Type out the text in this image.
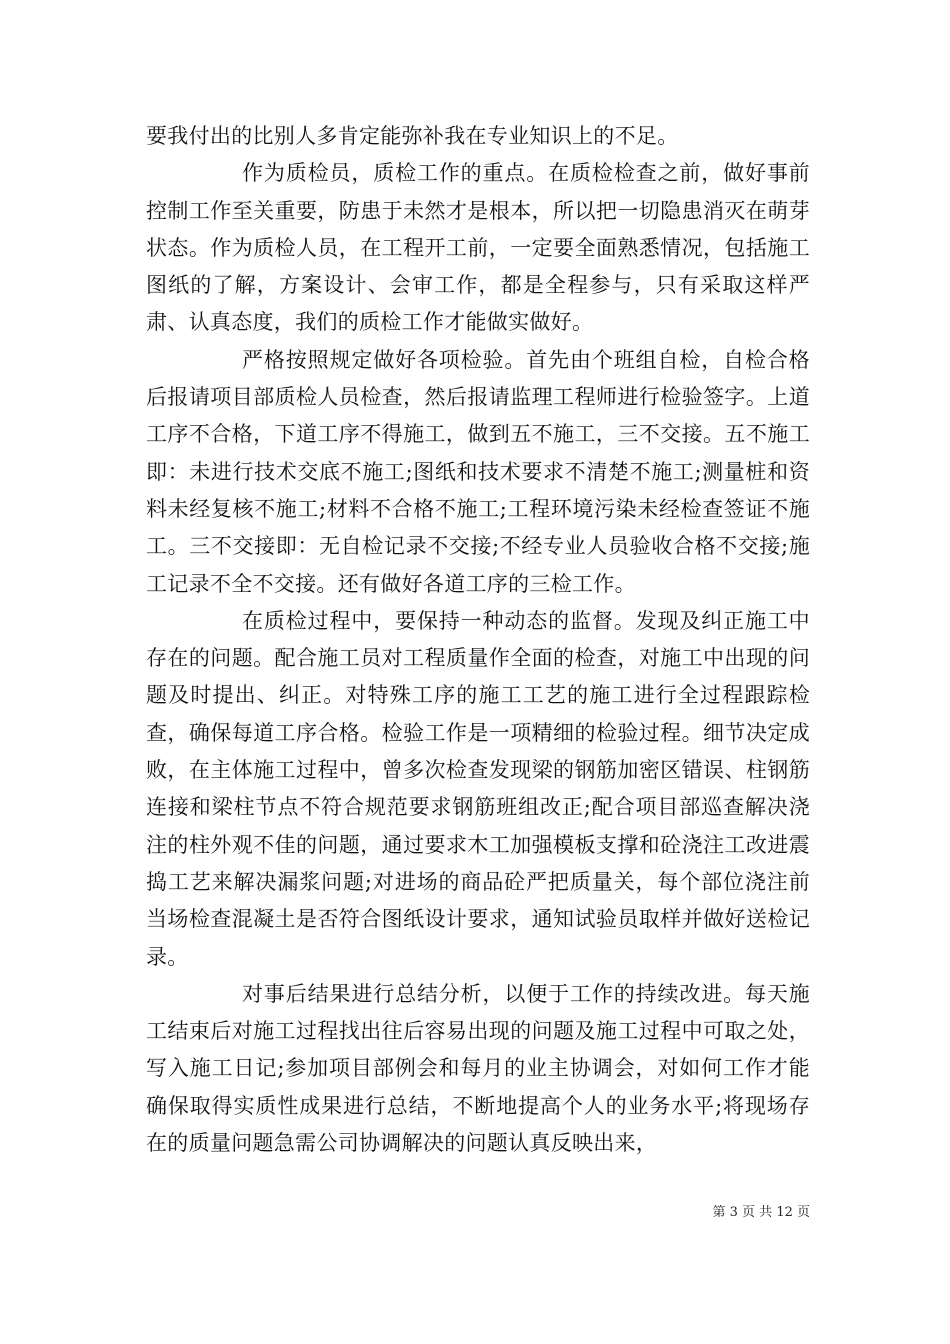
要我付出的比别人多肯定能弥补我在专业知识上的不足。

作为质检员，质检工作的重点。在质检检查之前，做好事前控制工作至关重要，防患于未然才是根本，所以把一切隐患消灭在萌芽状态。作为质检人员，在工程开工前，一定要全面熟悉情况，包括施工图纸的了解，方案设计、会审工作，都是全程参与，只有采取这样严肃、认真态度，我们的质检工作才能做实做好。

严格按照规定做好各项检验。首先由个班组自检，自检合格后报请项目部质检人员检查，然后报请监理工程师进行检验签字。上道工序不合格，下道工序不得施工，做到五不施工，三不交接。五不施工即：未进行技术交底不施工;图纸和技术要求不清楚不施工;测量桩和资料未经复核不施工;材料不合格不施工;工程环境污染未经检查签证不施工。三不交接即：无自检记录不交接;不经专业人员验收合格不交接;施工记录不全不交接。还有做好各道工序的三检工作。

在质检过程中，要保持一种动态的监督。发现及纠正施工中存在的问题。配合施工员对工程质量作全面的检查，对施工中出现的问题及时提出、纠正。对特殊工序的施工工艺的施工进行全过程跟踪检查，确保每道工序合格。检验工作是一项精细的检验过程。细节决定成败，在主体施工过程中，曾多次检查发现梁的钢筋加密区错误、柱钢筋连接和梁柱节点不符合规范要求钢筋班组改正;配合项目部巡查解决浇注的柱外观不佳的问题，通过要求木工加强模板支撑和砼浇注工改进震捣工艺来解决漏浆问题;对进场的商品砼严把质量关，每个部位浇注前当场检查混凝土是否符合图纸设计要求，通知试验员取样并做好送检记录。

对事后结果进行总结分析，以便于工作的持续改进。每天施工结束后对施工过程找出往后容易出现的问题及施工过程中可取之处，写入施工日记;参加项目部例会和每月的业主协调会，对如何工作才能确保取得实质性成果进行总结，不断地提高个人的业务水平;将现场存在的质量问题急需公司协调解决的问题认真反映出来，

第 3 页 共 12 页
